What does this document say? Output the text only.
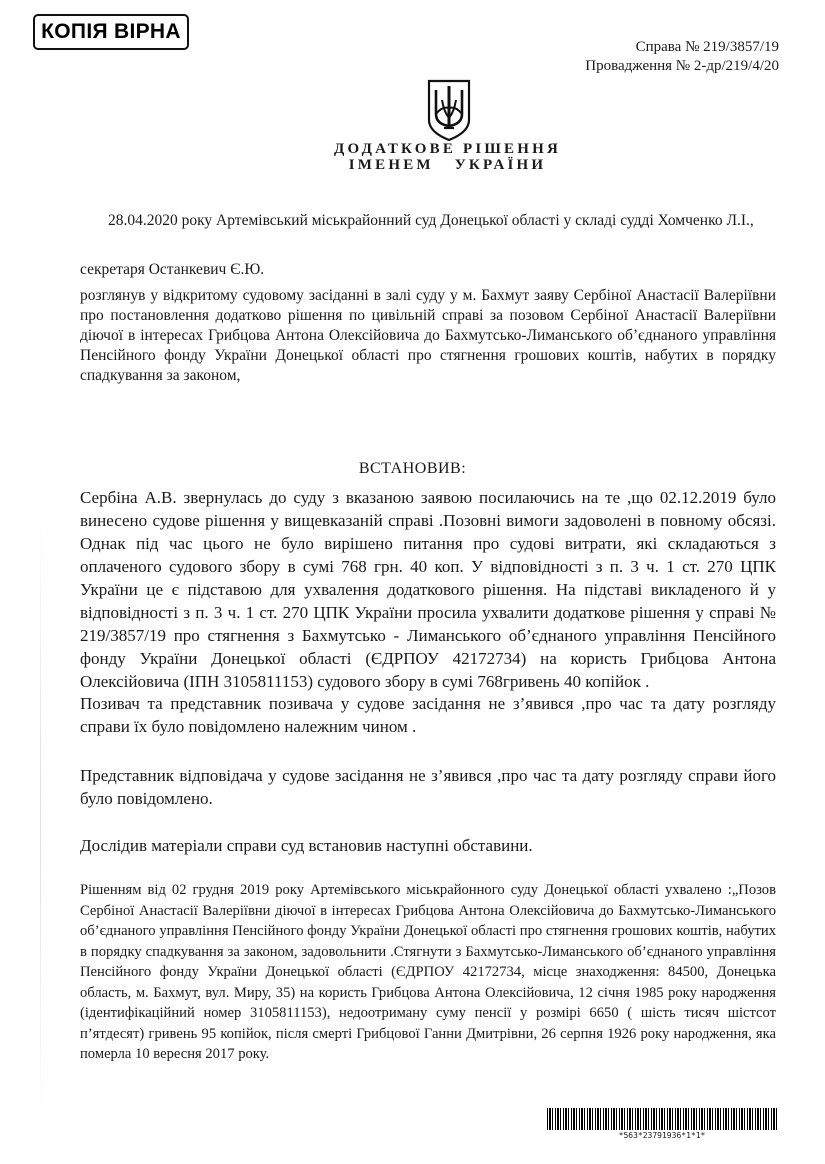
КОПІЯ ВІРНА
Справа № 219/3857/19
Провадження № 2-др/219/4/20
ДОДАТКОВЕ РІШЕННЯ
ІМЕНЕМ УКРАЇНИ
28.04.2020 року Артемівський міськрайонний суд Донецької області у складі судді Хомченко Л.І.,
секретаря Останкевич Є.Ю.
розглянув у відкритому судовому засіданні в залі суду у м. Бахмут заяву Сербіної Анастасії Валеріївни про постановлення додатково рішення по цивільній справі за позовом Сербіної Анастасії Валеріївни діючої в інтересах Грибцова Антона Олексійовича до Бахмутсько-Лиманського об’єднаного управління Пенсійного фонду України Донецької області про стягнення грошових коштів, набутих в порядку спадкування за законом,
ВСТАНОВИВ:
Сербіна А.В. звернулась до суду з вказаною заявою посилаючись на те ,що 02.12.2019 було винесено судове рішення у вищевказаній справі .Позовні вимоги задоволені в повному обсязі. Однак під час цього не було вирішено питання про судові витрати, які складаються з оплаченого судового збору в сумі 768 грн. 40 коп. У відповідності з п. 3 ч. 1 ст. 270 ЦПК України це є підставою для ухвалення додаткового рішення. На підставі викладеного й у відповідності з п. 3 ч. 1 ст. 270 ЦПК України просила ухвалити додаткове рішення у справі № 219/3857/19 про стягнення з Бахмутсько - Лиманського об’єднаного управління Пенсійного фонду України Донецької області (ЄДРПОУ 42172734) на користь Грибцова Антона Олексійовича (ІПН 3105811153) судового збору в сумі 768гривень 40 копійок .
Позивач та представник позивача у судове засідання не з’явився ,про час та дату розгляду справи їх було повідомлено належним чином .
Представник відповідача у судове засідання не з’явився ,про час та дату розгляду справи його було повідомлено.
Дослідив матеріали справи суд встановив наступні обставини.
Рішенням від 02 грудня 2019 року Артемівського міськрайонного суду Донецької області ухвалено :„Позов Сербіної Анастасії Валеріївни діючої в інтересах Грибцова Антона Олексійовича до Бахмутсько-Лиманського об’єднаного управління Пенсійного фонду України Донецької області про стягнення грошових коштів, набутих в порядку спадкування за законом, задовольнити .Стягнути з Бахмутсько-Лиманського об’єднаного управління Пенсійного фонду України Донецької області (ЄДРПОУ 42172734, місце знаходження: 84500, Донецька область, м. Бахмут, вул. Миру, 35) на користь Грибцова Антона Олексійовича, 12 січня 1985 року народження (ідентифікаційний номер 3105811153), недоотриману суму пенсії у розмірі 6650 ( шість тисяч шістсот п’ятдесят) гривень 95 копійок, після смерті Грибцової Ганни Дмитрівни, 26 серпня 1926 року народження, яка померла 10 вересня 2017 року.
*563*23791936*1*1*
